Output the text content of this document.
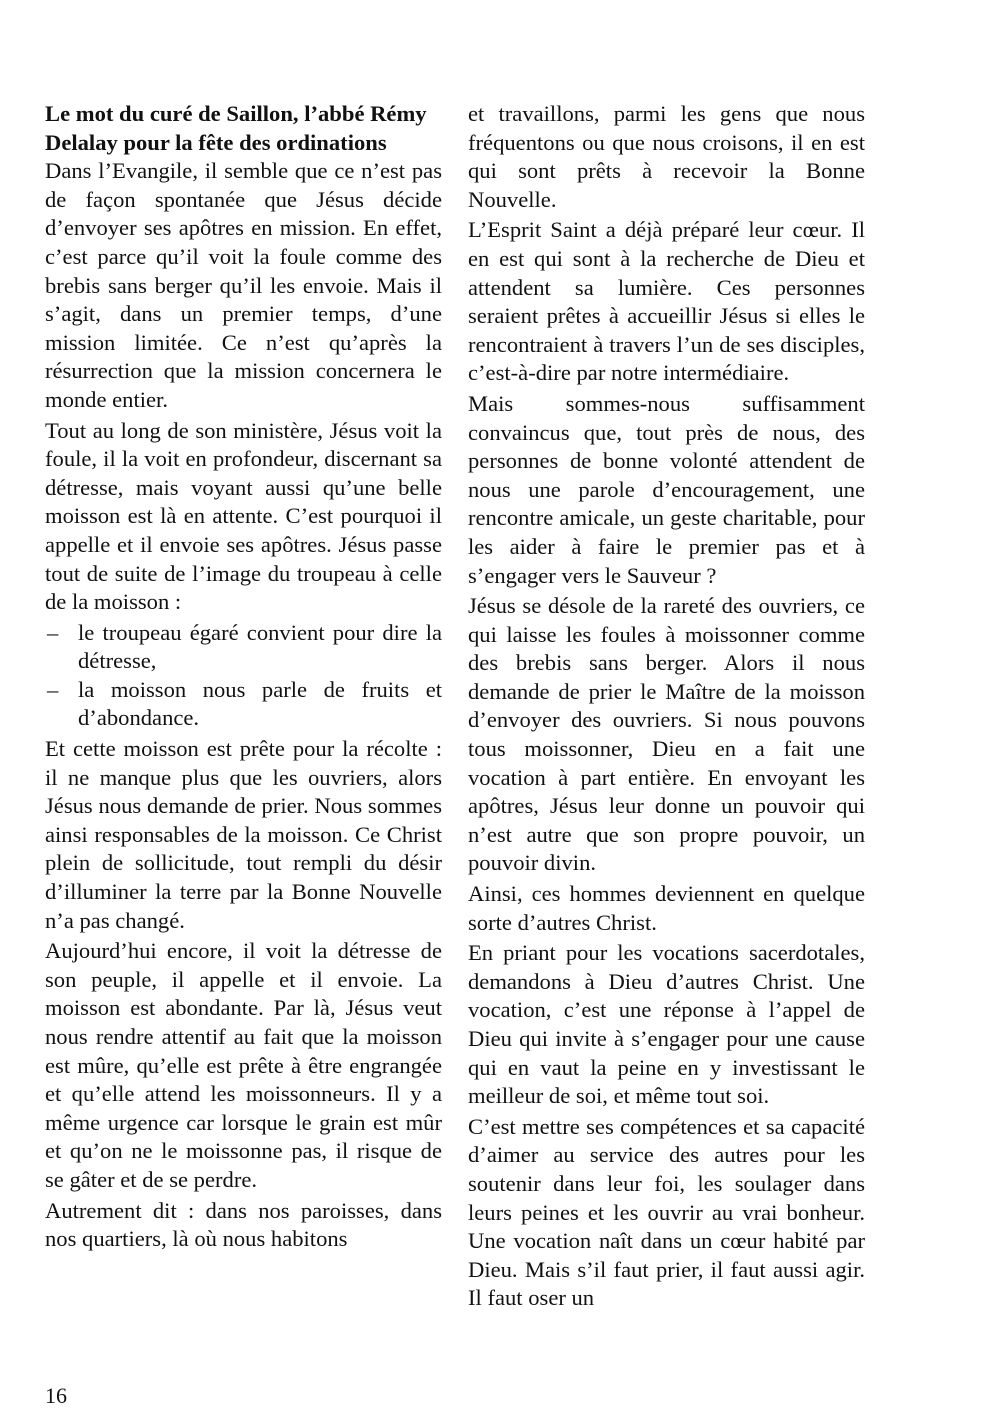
Le mot du curé de Saillon, l’abbé Rémy Delalay pour la fête des ordinations

Dans l’Evangile, il semble que ce n’est pas de façon spontanée que Jésus décide d’envoyer ses apôtres en mission. En effet, c’est parce qu’il voit la foule comme des brebis sans berger qu’il les envoie. Mais il s’agit, dans un premier temps, d’une mission limitée. Ce n’est qu’après la résurrection que la mission concernera le monde entier.

Tout au long de son ministère, Jésus voit la foule, il la voit en profondeur, discernant sa détresse, mais voyant aussi qu’une belle moisson est là en attente. C’est pourquoi il appelle et il envoie ses apôtres. Jésus passe tout de suite de l’image du troupeau à celle de la moisson :

– le troupeau égaré convient pour dire la détresse,
– la moisson nous parle de fruits et d’abondance.

Et cette moisson est prête pour la récolte : il ne manque plus que les ouvriers, alors Jésus nous demande de prier. Nous sommes ainsi responsables de la moisson. Ce Christ plein de sollicitude, tout rempli du désir d’illuminer la terre par la Bonne Nouvelle n’a pas changé.

Aujourd’hui encore, il voit la détresse de son peuple, il appelle et il envoie. La moisson est abondante. Par là, Jésus veut nous rendre attentif au fait que la moisson est mûre, qu’elle est prête à être engrangée et qu’elle attend les moissonneurs. Il y a même urgence car lorsque le grain est mûr et qu’on ne le moissonne pas, il risque de se gâter et de se perdre.

Autrement dit : dans nos paroisses, dans nos quartiers, là où nous habitons

et travaillons, parmi les gens que nous fréquentons ou que nous croisons, il en est qui sont prêts à recevoir la Bonne Nouvelle.

L’Esprit Saint a déjà préparé leur cœur. Il en est qui sont à la recherche de Dieu et attendent sa lumière. Ces personnes seraient prêtes à accueillir Jésus si elles le rencontraient à travers l’un de ses disciples, c’est-à-dire par notre intermédiaire.

Mais sommes-nous suffisamment convaincus que, tout près de nous, des personnes de bonne volonté attendent de nous une parole d’encouragement, une rencontre amicale, un geste charitable, pour les aider à faire le premier pas et à s’engager vers le Sauveur ?

Jésus se désole de la rareté des ouvriers, ce qui laisse les foules à moissonner comme des brebis sans berger. Alors il nous demande de prier le Maître de la moisson d’envoyer des ouvriers. Si nous pouvons tous moissonner, Dieu en a fait une vocation à part entière. En envoyant les apôtres, Jésus leur donne un pouvoir qui n’est autre que son propre pouvoir, un pouvoir divin.

Ainsi, ces hommes deviennent en quelque sorte d’autres Christ.

En priant pour les vocations sacerdotales, demandons à Dieu d’autres Christ. Une vocation, c’est une réponse à l’appel de Dieu qui invite à s’engager pour une cause qui en vaut la peine en y investissant le meilleur de soi, et même tout soi.

C’est mettre ses compétences et sa capacité d’aimer au service des autres pour les soutenir dans leur foi, les soulager dans leurs peines et les ouvrir au vrai bonheur. Une vocation naît dans un cœur habité par Dieu. Mais s’il faut prier, il faut aussi agir. Il faut oser un

16
